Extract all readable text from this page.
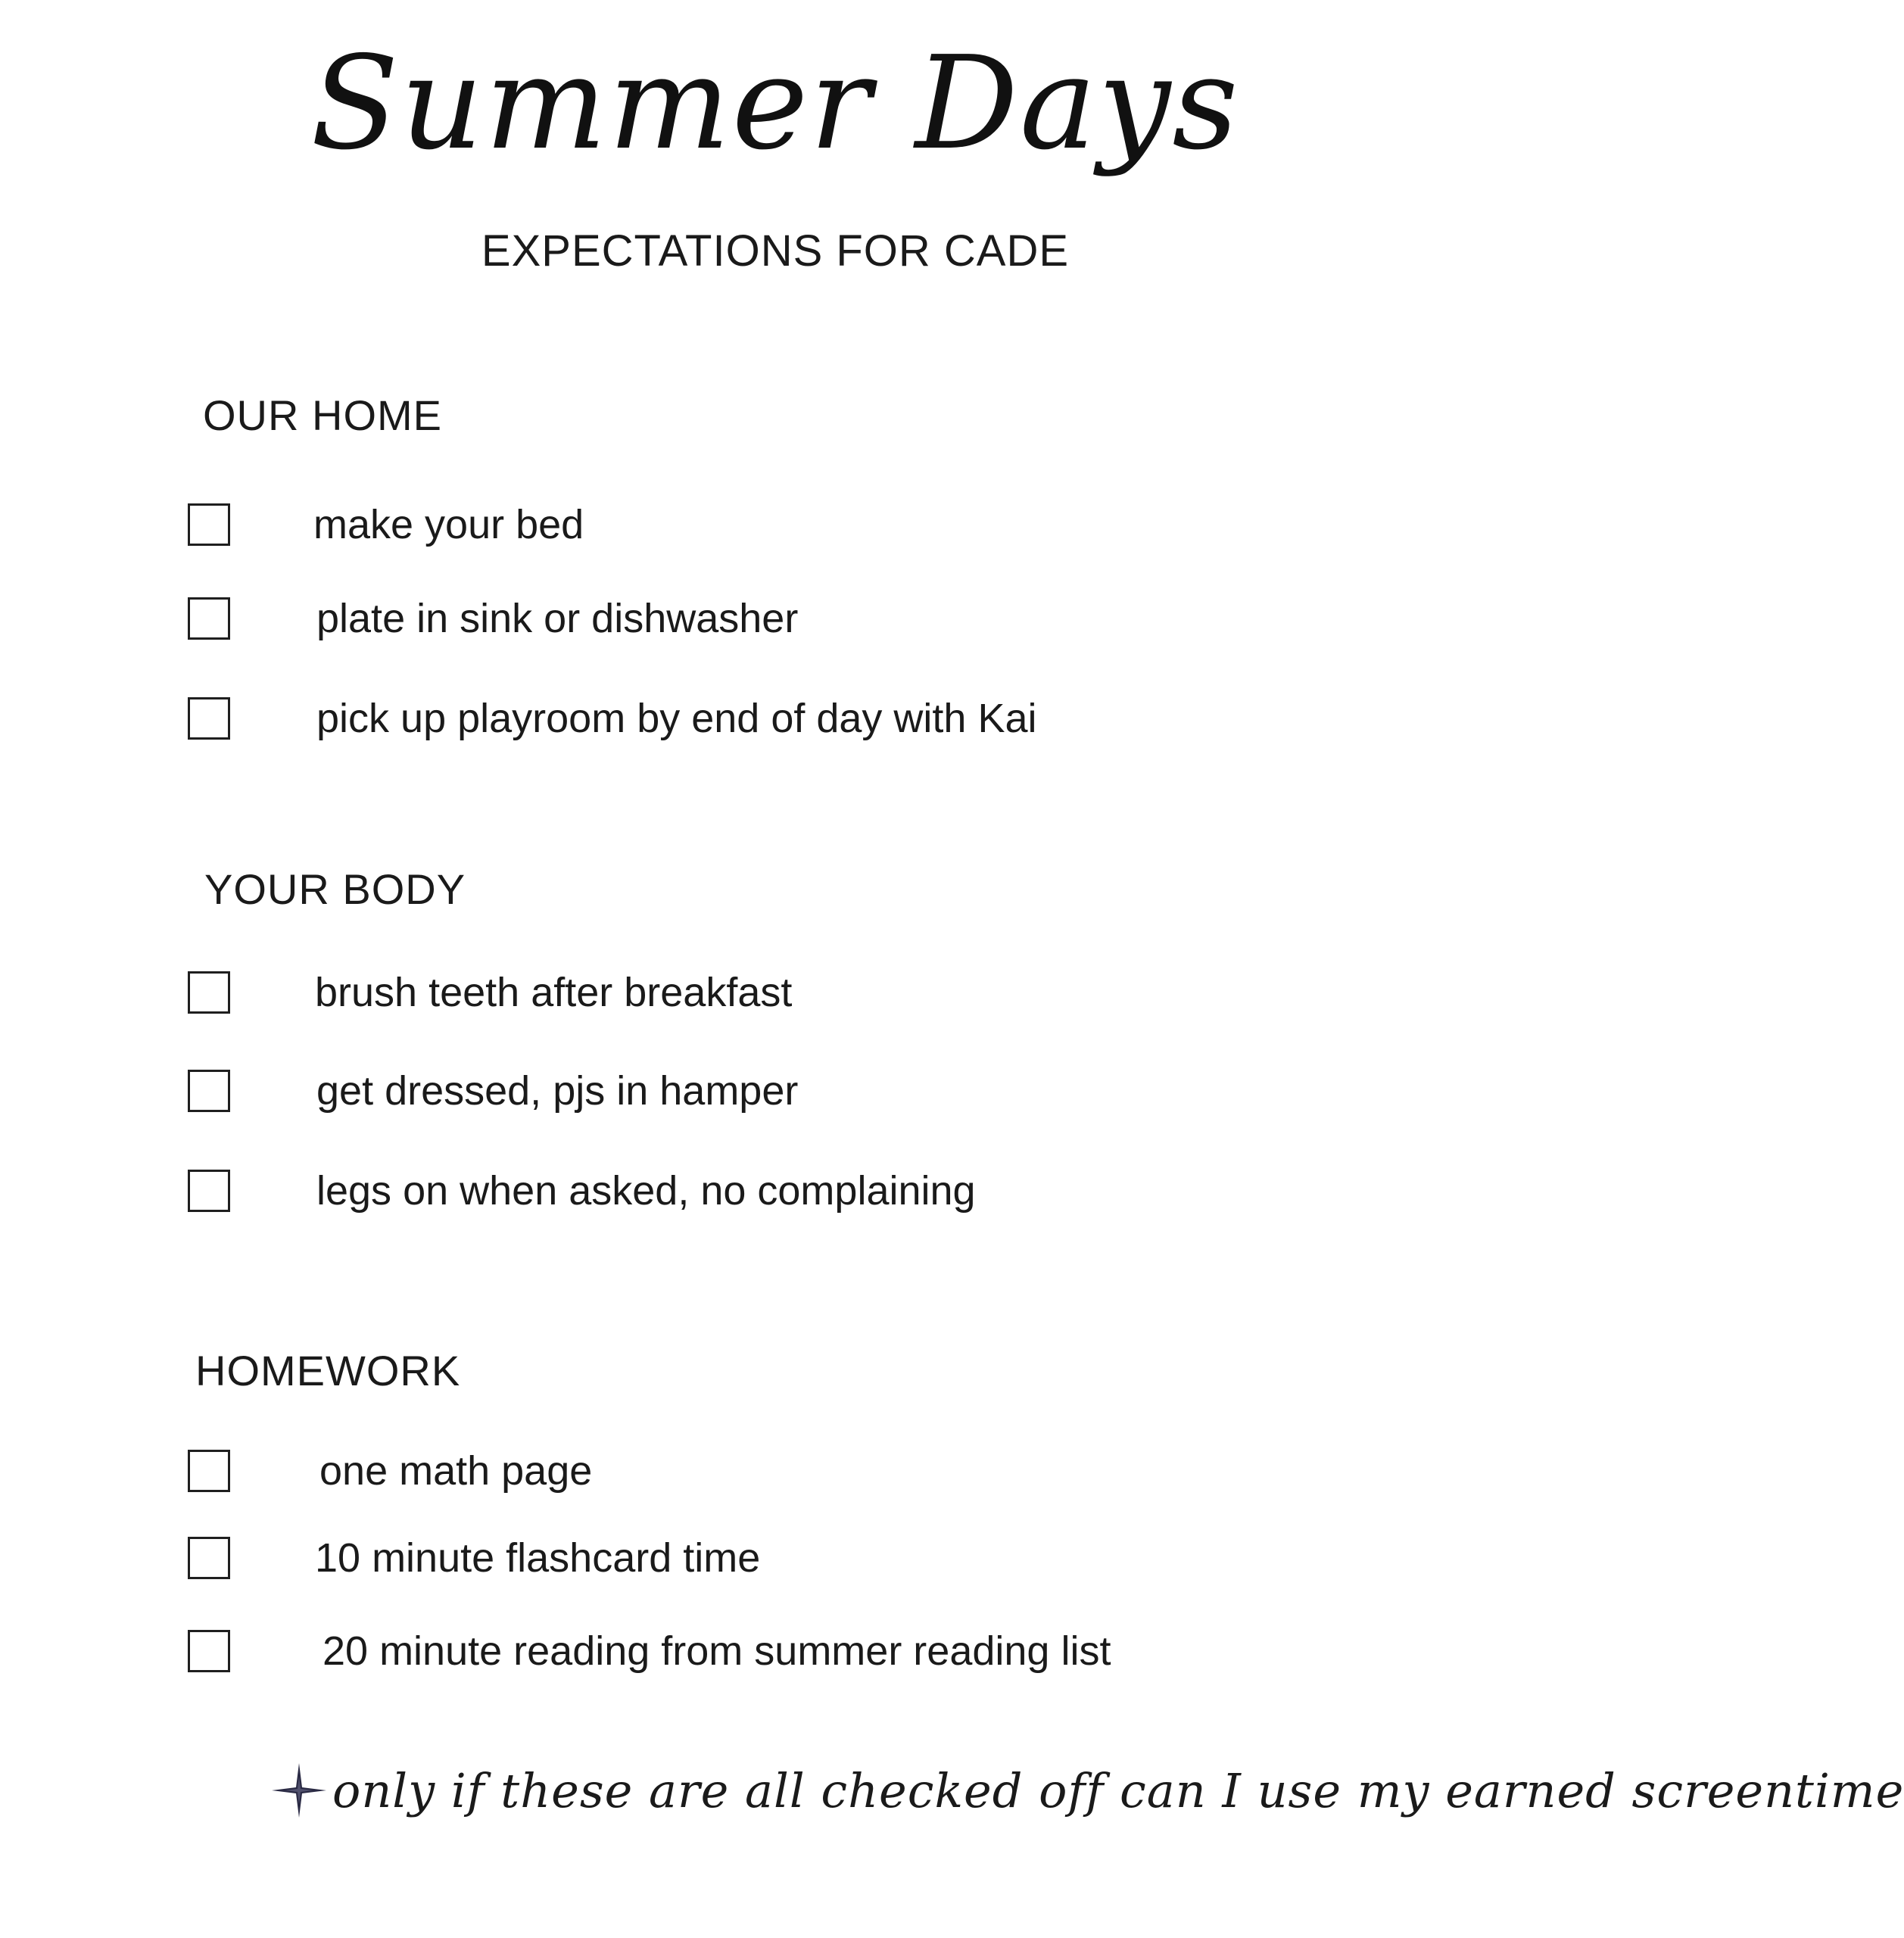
Summer Days
EXPECTATIONS FOR CADE
OUR HOME
make your bed
plate in sink or dishwasher
pick up playroom by end of day with Kai
YOUR BODY
brush teeth after breakfast
get dressed, pjs in hamper
legs on when asked, no complaining
HOMEWORK
one math page
10 minute flashcard time
20 minute reading from summer reading list
only if these are all checked off can I use my earned screentime
